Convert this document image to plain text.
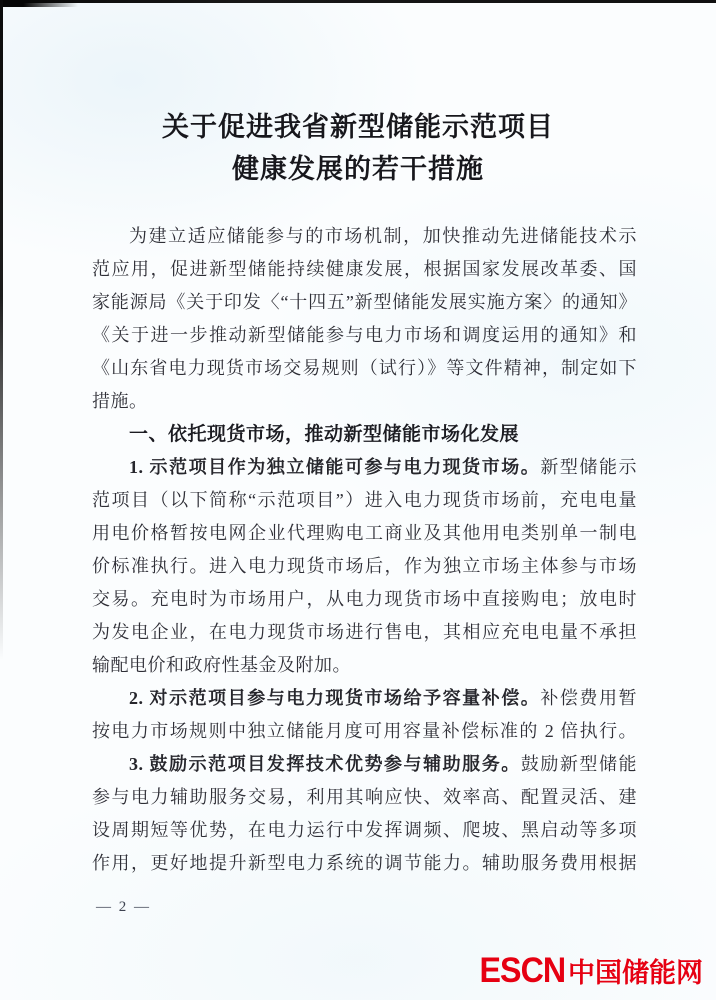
关于促进我省新型储能示范项目
健康发展的若干措施
为建立适应储能参与的市场机制，加快推动先进储能技术示
范应用，促进新型储能持续健康发展，根据国家发展改革委、国
家能源局《关于印发〈“十四五”新型储能发展实施方案〉的通知》
《关于进一步推动新型储能参与电力市场和调度运用的通知》和
《山东省电力现货市场交易规则（试行）》等文件精神，制定如下
措施。
一、依托现货市场，推动新型储能市场化发展
1. 示范项目作为独立储能可参与电力现货市场。新型储能示
范项目（以下简称“示范项目”）进入电力现货市场前，充电电量
用电价格暂按电网企业代理购电工商业及其他用电类别单一制电
价标准执行。进入电力现货市场后，作为独立市场主体参与市场
交易。充电时为市场用户，从电力现货市场中直接购电；放电时
为发电企业，在电力现货市场进行售电，其相应充电电量不承担
输配电价和政府性基金及附加。
2. 对示范项目参与电力现货市场给予容量补偿。补偿费用暂
按电力市场规则中独立储能月度可用容量补偿标准的 2 倍执行。
3. 鼓励示范项目发挥技术优势参与辅助服务。鼓励新型储能
参与电力辅助服务交易，利用其响应快、效率高、配置灵活、建
设周期短等优势，在电力运行中发挥调频、爬坡、黑启动等多项
作用，更好地提升新型电力系统的调节能力。辅助服务费用根据
— 2 —
ESCN 中国储能网
